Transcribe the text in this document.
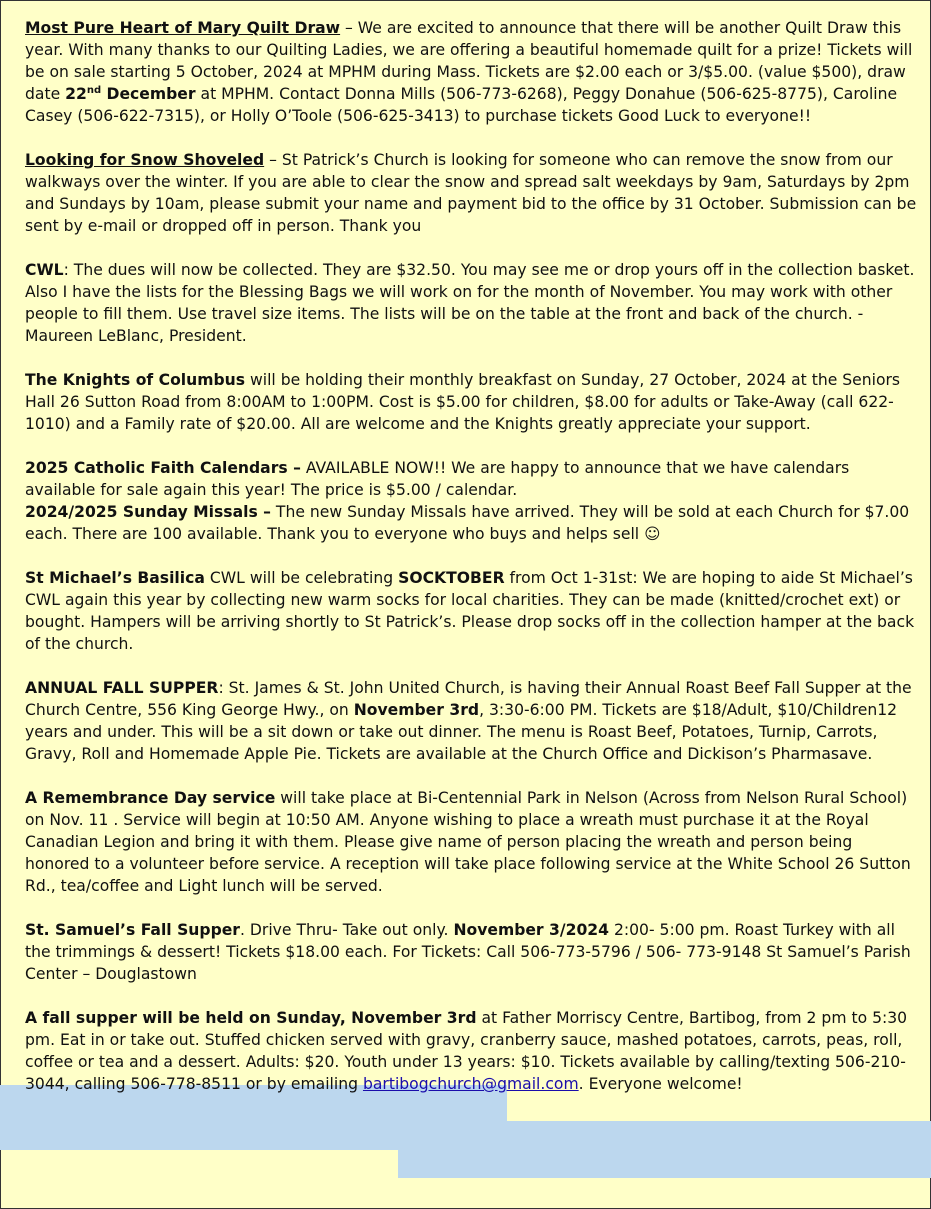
Most Pure Heart of Mary Quilt Draw – We are excited to announce that there will be another Quilt Draw this year. With many thanks to our Quilting Ladies, we are offering a beautiful homemade quilt for a prize! Tickets will be on sale starting 5 October, 2024 at MPHM during Mass. Tickets are $2.00 each or 3/$5.00. (value $500), draw date 22nd December at MPHM. Contact Donna Mills (506-773-6268), Peggy Donahue (506-625-8775), Caroline Casey (506-622-7315), or Holly O’Toole (506-625-3413) to purchase tickets Good Luck to everyone!!

Looking for Snow Shoveled – St Patrick’s Church is looking for someone who can remove the snow from our walkways over the winter. If you are able to clear the snow and spread salt weekdays by 9am, Saturdays by 2pm and Sundays by 10am, please submit your name and payment bid to the office by 31 October. Submission can be sent by e-mail or dropped off in person. Thank you

CWL: The dues will now be collected. They are $32.50. You may see me or drop yours off in the collection basket. Also I have the lists for the Blessing Bags we will work on for the month of November. You may work with other people to fill them. Use travel size items. The lists will be on the table at the front and back of the church. -Maureen LeBlanc, President.

The Knights of Columbus will be holding their monthly breakfast on Sunday, 27 October, 2024 at the Seniors Hall 26 Sutton Road from 8:00AM to 1:00PM. Cost is $5.00 for children, $8.00 for adults or Take-Away (call 622-1010) and a Family rate of $20.00. All are welcome and the Knights greatly appreciate your support.

2025 Catholic Faith Calendars – AVAILABLE NOW!! We are happy to announce that we have calendars available for sale again this year! The price is $5.00 / calendar.

2024/2025 Sunday Missals – The new Sunday Missals have arrived. They will be sold at each Church for $7.00 each. There are 100 available. Thank you to everyone who buys and helps sell ☺

St Michael’s Basilica CWL will be celebrating SOCKTOBER from Oct 1-31st: We are hoping to aide St Michael’s CWL again this year by collecting new warm socks for local charities. They can be made (knitted/crochet ext) or bought. Hampers will be arriving shortly to St Patrick’s. Please drop socks off in the collection hamper at the back of the church.

ANNUAL FALL SUPPER: St. James & St. John United Church, is having their Annual Roast Beef Fall Supper at the Church Centre, 556 King George Hwy., on November 3rd, 3:30-6:00 PM. Tickets are $18/Adult, $10/Children12 years and under. This will be a sit down or take out dinner. The menu is Roast Beef, Potatoes, Turnip, Carrots, Gravy, Roll and Homemade Apple Pie. Tickets are available at the Church Office and Dickison’s Pharmasave.

A Remembrance Day service will take place at Bi-Centennial Park in Nelson (Across from Nelson Rural School) on Nov. 11 . Service will begin at 10:50 AM. Anyone wishing to place a wreath must purchase it at the Royal Canadian Legion and bring it with them. Please give name of person placing the wreath and person being honored to a volunteer before service. A reception will take place following service at the White School 26 Sutton Rd., tea/coffee and Light lunch will be served.

St. Samuel’s Fall Supper. Drive Thru- Take out only. November 3/2024 2:00- 5:00 pm. Roast Turkey with all the trimmings & dessert! Tickets $18.00 each. For Tickets: Call 506-773-5796 / 506- 773-9148 St Samuel’s Parish Center – Douglastown

A fall supper will be held on Sunday, November 3rd at Father Morriscy Centre, Bartibog, from 2 pm to 5:30 pm. Eat in or take out. Stuffed chicken served with gravy, cranberry sauce, mashed potatoes, carrots, peas, roll, coffee or tea and a dessert. Adults: $20. Youth under 13 years: $10. Tickets available by calling/texting 506-210-3044, calling 506-778-8511 or by emailing bartibogchurch@gmail.com. Everyone welcome!
